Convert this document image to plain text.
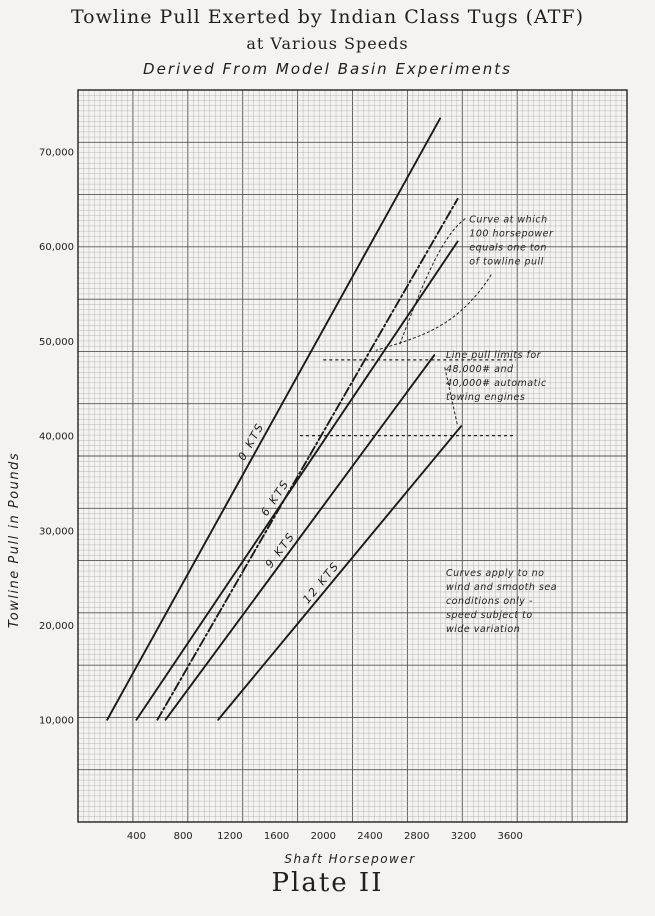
Towline Pull Exerted by Indian Class Tugs (ATF)
at Various Speeds
Derived From Model Basin Experiments
400	800 1200 1600 2000 2400 2800 3200 3600
10,000
20,000
30,000
40,000
50,000
60,000
70,000
0 KTS
6 KTS
9 KTS
12 KTS
Curve at which
100 horsepower
equals one ton
of towline pull
Line pull limits for
48,000# and
40,000# automatic
towing engines
Curves apply to no
wind and smooth sea
conditions only -
speed subject to
wide variation
Shaft Horsepower
Towline Pull in Pounds
Plate II
